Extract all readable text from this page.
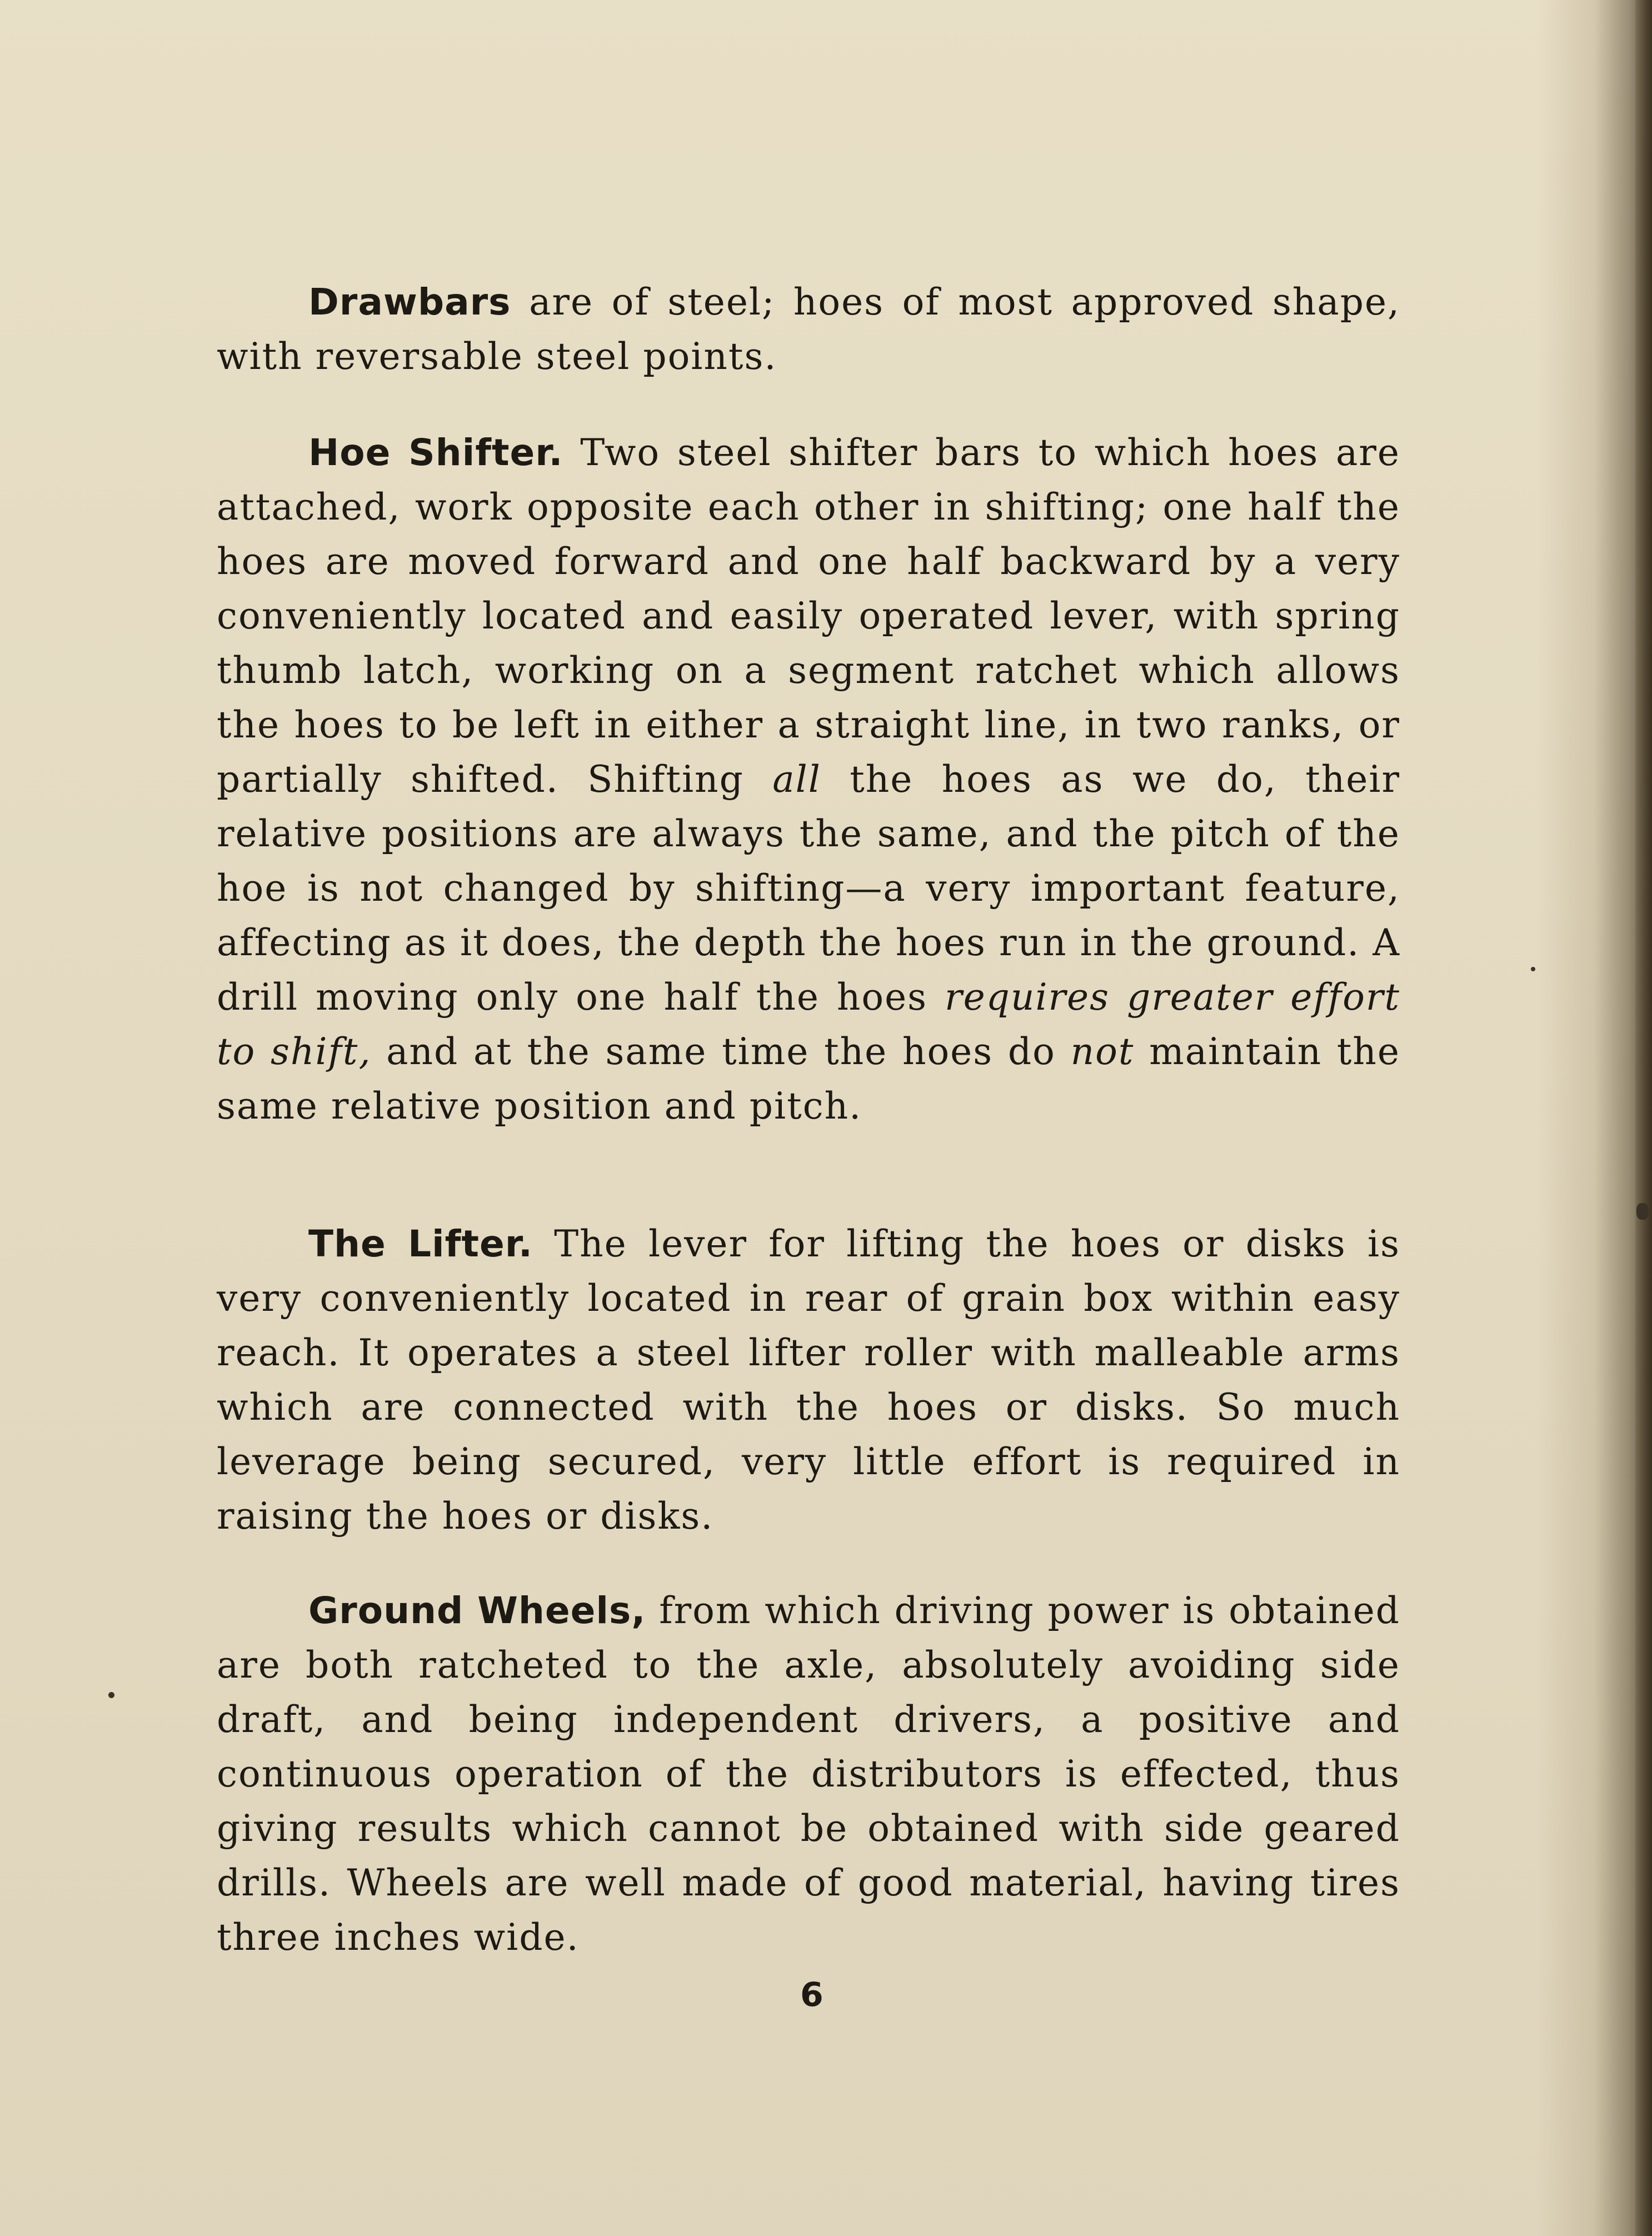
Drawbars are of steel; hoes of most approved shape, with reversable steel points.

Hoe Shifter. Two steel shifter bars to which hoes are attached, work opposite each other in shifting; one half the hoes are moved forward and one half backward by a very conveniently located and easily operated lever, with spring thumb latch, working on a segment ratchet which allows the hoes to be left in either a straight line, in two ranks, or partially shifted. Shifting all the hoes as we do, their relative positions are always the same, and the pitch of the hoe is not changed by shifting—a very important feature, affecting as it does, the depth the hoes run in the ground. A drill moving only one half the hoes requires greater effort to shift, and at the same time the hoes do not maintain the same relative position and pitch.

The Lifter. The lever for lifting the hoes or disks is very conveniently located in rear of grain box within easy reach. It operates a steel lifter roller with malleable arms which are connected with the hoes or disks. So much leverage being secured, very little effort is required in raising the hoes or disks.

Ground Wheels, from which driving power is obtained are both ratcheted to the axle, absolutely avoiding side draft, and being independent drivers, a positive and continuous operation of the distributors is effected, thus giving results which cannot be obtained with side geared drills. Wheels are well made of good material, having tires three inches wide.

6
